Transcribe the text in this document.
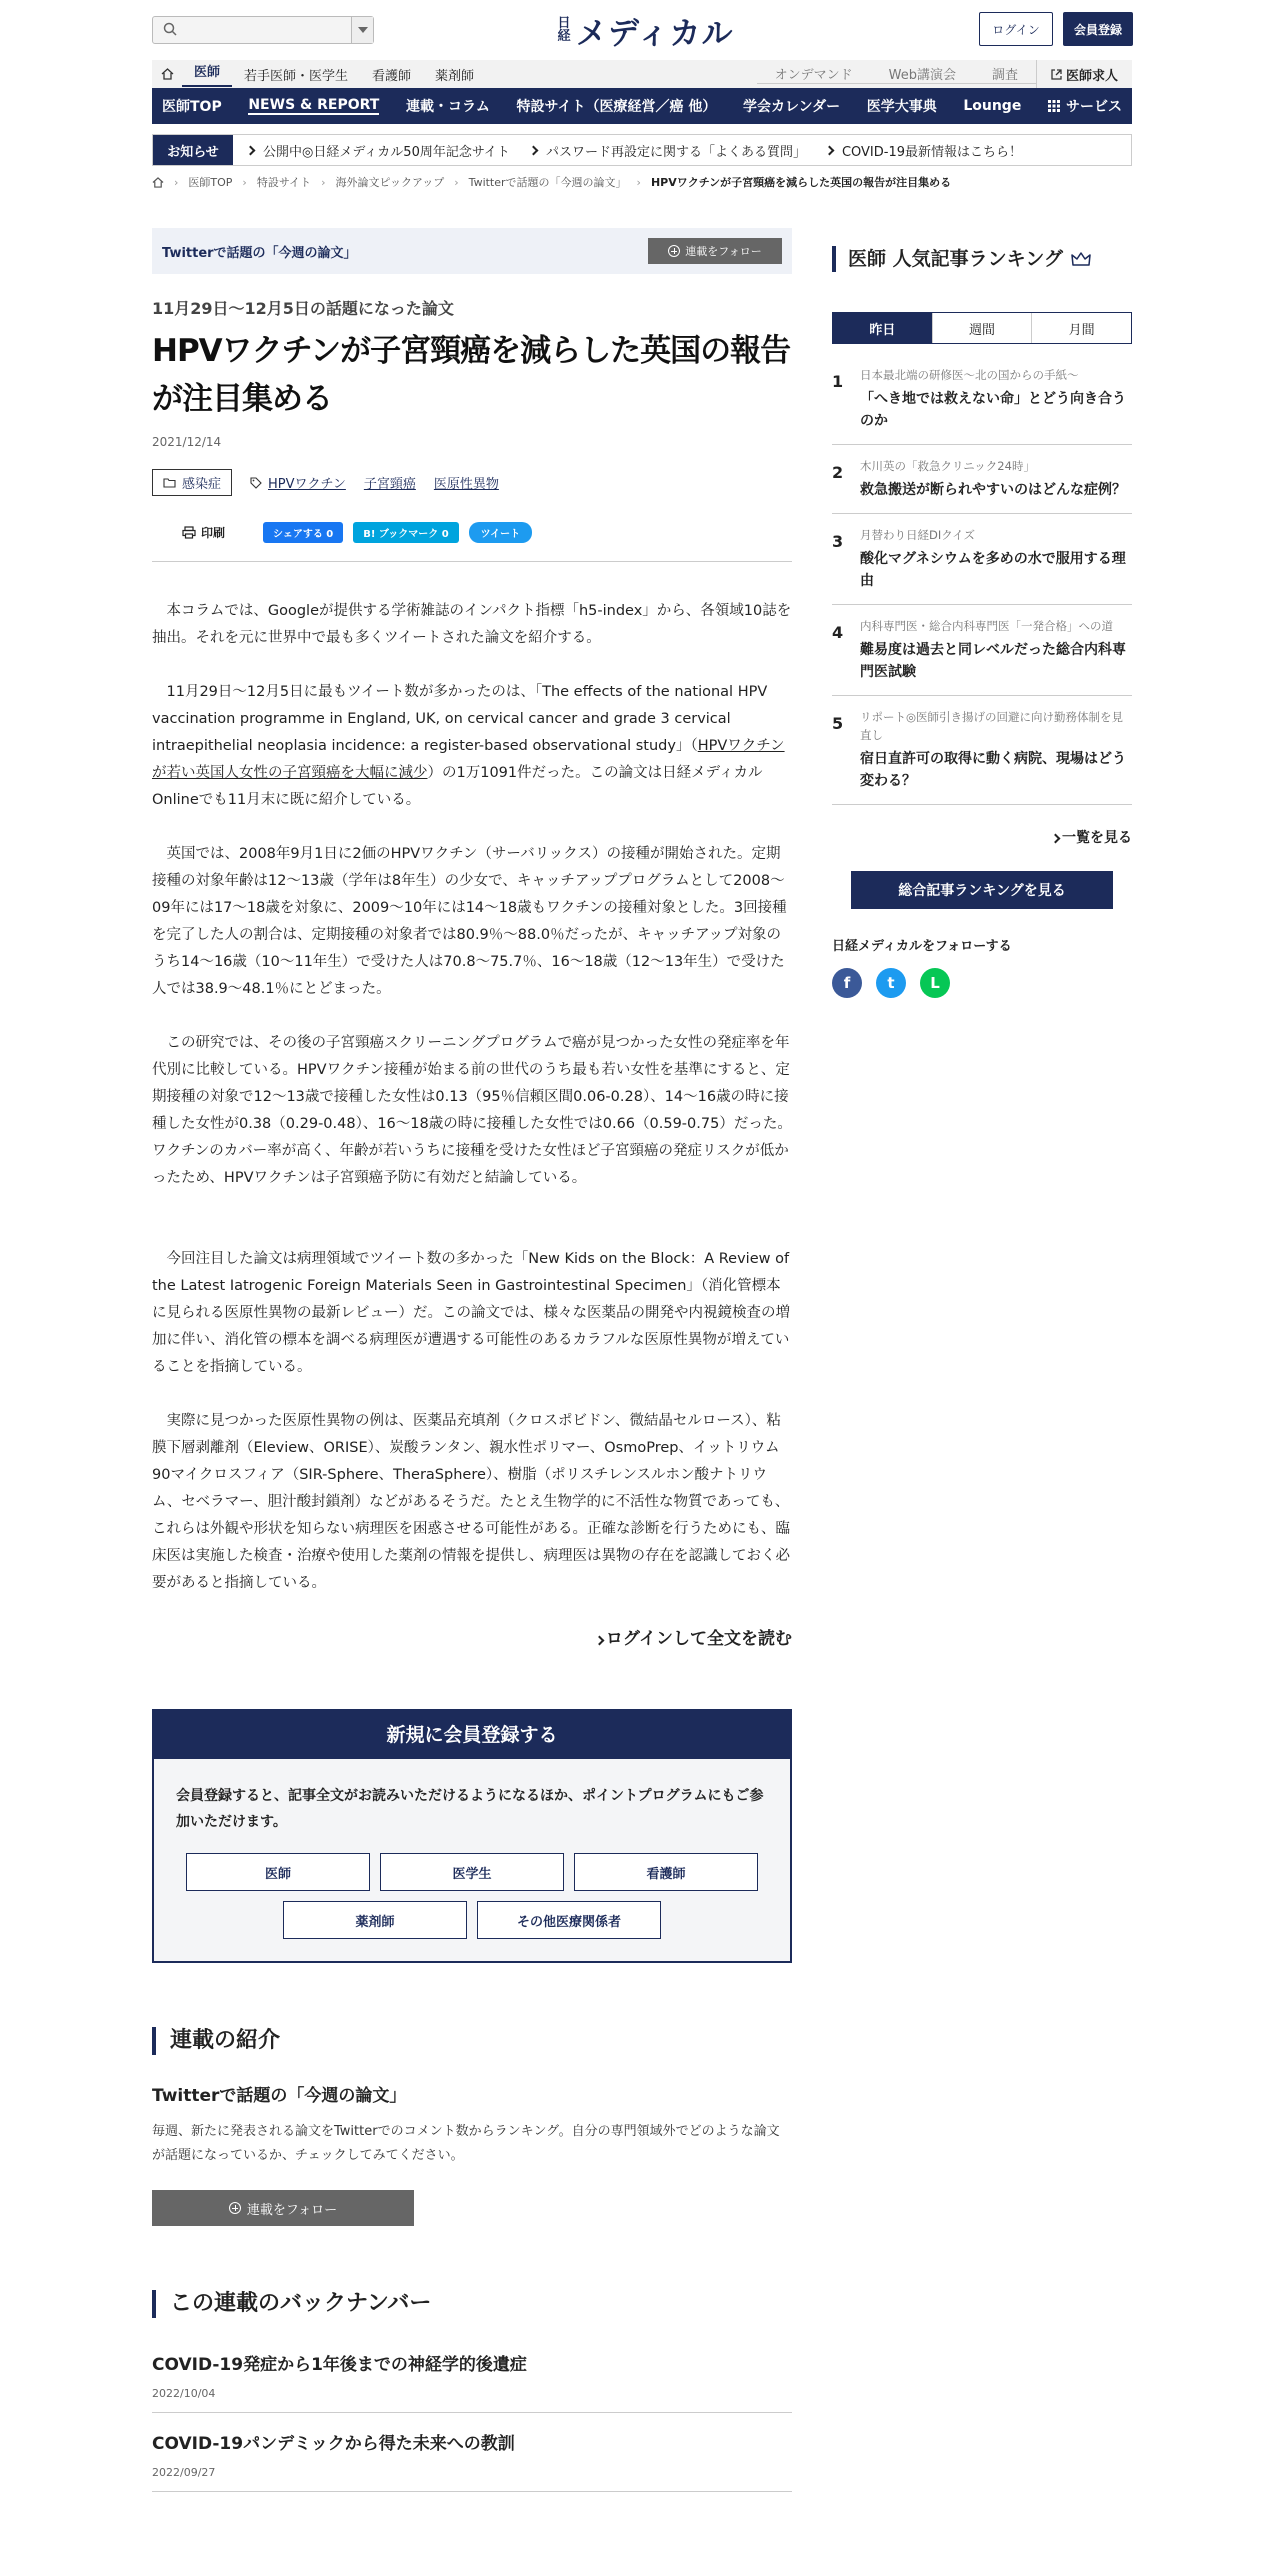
日経 メディカル	ログイン	会員登録
医師	若手医師・医学生	看護師	薬剤師	オンデマンド	Web講演会	調査	医師求人
医師TOP NEWS & REPORT 連載・コラム 特設サイト（医療経営／癌 他） 学会カレンダー 医学大事典 Lounge	サービス
お知らせ	公開中◎日経メディカル50周年記念サイト	パスワード再設定に関する「よくある質問」	COVID-19最新情報はこちら！
› 医師TOP › 特設サイト › 海外論文ピックアップ › Twitterで話題の「今週の論文」 › HPVワクチンが子宮頸癌を減らした英国の報告が注目集める
Twitterで話題の「今週の論文」	連載をフォロー
11月29日～12月5日の話題になった論文
HPVワクチンが子宮頸癌を減らした英国の報告
が注目集める
2021/12/14
感染症	HPVワクチン 子宮頸癌 医原性異物
印刷	シェアする 0	B! ブックマーク 0	ツイート

本コラムでは、Googleが提供する学術雑誌のインパクト指標「h5-index」から、各領域10誌を抽出。それを元に世界中で最も多くツイートされた論文を紹介する。

11月29日～12月5日に最もツイート数が多かったのは、「The effects of the national HPV vaccination programme in England, UK, on cervical cancer and grade 3 cervical intraepithelial neoplasia incidence: a register-based observational study」（HPVワクチンが若い英国人女性の子宮頸癌を大幅に減少）の1万1091件だった。この論文は日経メディカルOnlineでも11月末に既に紹介している。

英国では、2008年9月1日に2価のHPVワクチン（サーバリックス）の接種が開始された。定期接種の対象年齢は12～13歳（学年は8年生）の少女で、キャッチアッププログラムとして2008～09年には17～18歳を対象に、2009～10年には14～18歳もワクチンの接種対象とした。3回接種を完了した人の割合は、定期接種の対象者では80.9％～88.0％だったが、キャッチアップ対象のうち14～16歳（10～11年生）で受けた人は70.8～75.7％、16～18歳（12～13年生）で受けた人では38.9～48.1％にとどまった。

この研究では、その後の子宮頸癌スクリーニングプログラムで癌が見つかった女性の発症率を年代別に比較している。HPVワクチン接種が始まる前の世代のうち最も若い女性を基準にすると、定期接種の対象で12～13歳で接種した女性は0.13（95％信頼区間0.06-0.28）、14～16歳の時に接種した女性が0.38（0.29-0.48）、16～18歳の時に接種した女性では0.66（0.59-0.75）だった。ワクチンのカバー率が高く、年齢が若いうちに接種を受けた女性ほど子宮頸癌の発症リスクが低かったため、HPVワクチンは子宮頸癌予防に有効だと結論している。

今回注目した論文は病理領域でツイート数の多かった「New Kids on the Block：A Review of the Latest Iatrogenic Foreign Materials Seen in Gastrointestinal Specimen」（消化管標本に見られる医原性異物の最新レビュー）だ。この論文では、様々な医薬品の開発や内視鏡検査の増加に伴い、消化管の標本を調べる病理医が遭遇する可能性のあるカラフルな医原性異物が増えていることを指摘している。

実際に見つかった医原性異物の例は、医薬品充填剤（クロスポビドン、微結晶セルロース）、粘膜下層剥離剤（Eleview、ORISE）、炭酸ランタン、親水性ポリマー、OsmoPrep、イットリウム90マイクロスフィア（SIR-Sphere、TheraSphere）、樹脂（ポリスチレンスルホン酸ナトリウム、セベラマー、胆汁酸封鎖剤）などがあるそうだ。たとえ生物学的に不活性な物質であっても、これらは外観や形状を知らない病理医を困惑させる可能性がある。正確な診断を行うためにも、臨床医は実施した検査・治療や使用した薬剤の情報を提供し、病理医は異物の存在を認識しておく必要があると指摘している。

ログインして全文を読む
新規に会員登録する
会員登録すると、記事全文がお読みいただけるようになるほか、ポイントプログラムにもご参加いただけます。
医師	医学生	看護師
薬剤師	その他医療関係者
連載の紹介
Twitterで話題の「今週の論文」
毎週、新たに発表される論文をTwitterでのコメント数からランキング。自分の専門領域外でどのような論文が話題になっているか、チェックしてみてください。
連載をフォロー
この連載のバックナンバー
COVID-19発症から1年後までの神経学的後遺症
2022/10/04
COVID-19パンデミックから得た未来への教訓
2022/09/27
医師 人気記事ランキング
昨日	週間	月間
1	日本最北端の研修医～北の国からの手紙～
「へき地では救えない命」とどう向き合うのか
2	木川英の「救急クリニック24時」
救急搬送が断られやすいのはどんな症例？
3	月替わり日経DIクイズ
酸化マグネシウムを多めの水で服用する理由
4	内科専門医・総合内科専門医「一発合格」への道
難易度は過去と同レベルだった総合内科専門医試験
5	リポート◎医師引き揚げの回避に向け勤務体制を見直し
宿日直許可の取得に動く病院、現場はどう変わる？
一覧を見る
総合記事ランキングを見る
日経メディカルをフォローする
f	t	L
